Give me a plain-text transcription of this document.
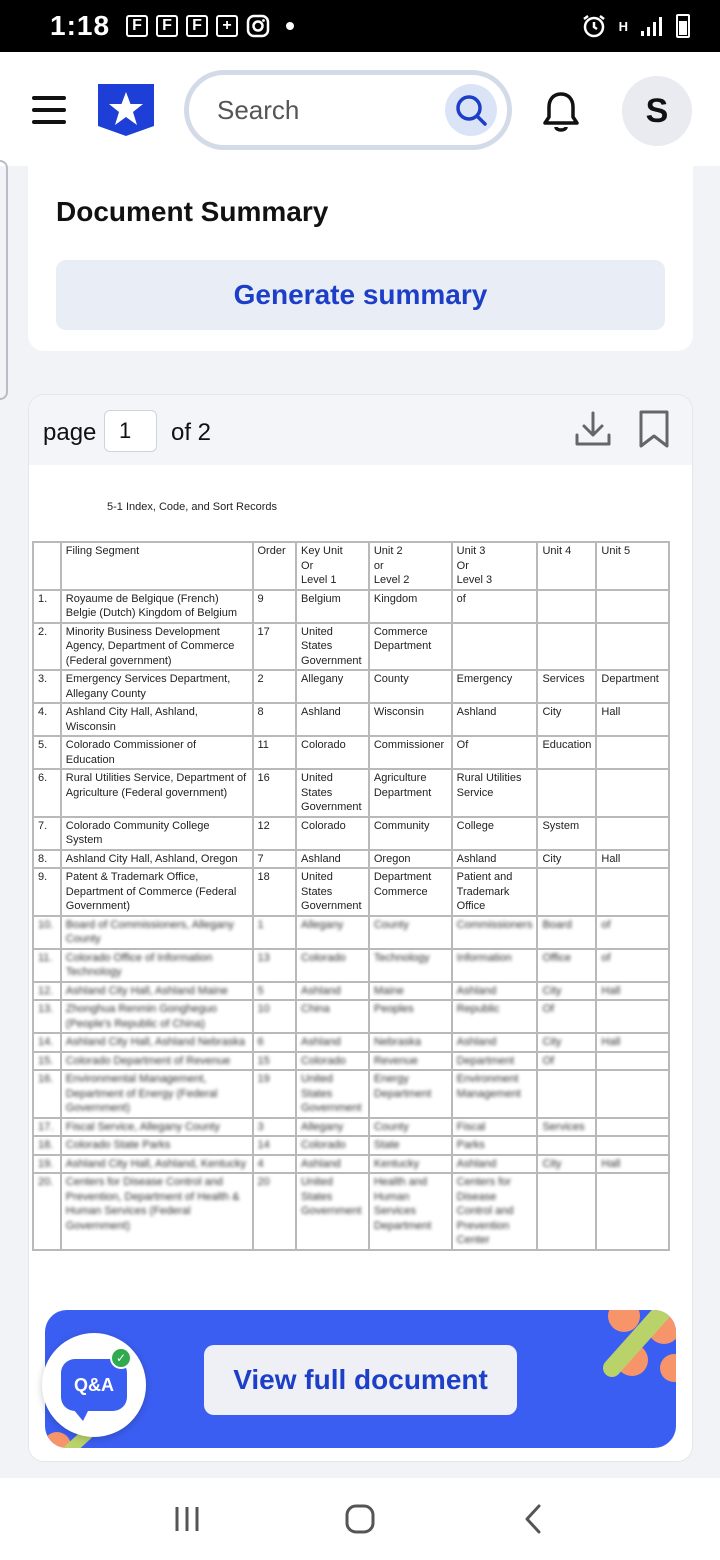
1:18	F	F	F	+	H
Search
S
Document Summary
Generate summary
page
1	of 2
5-1 Index, Code, and Sort Records
	Filing Segment	Order	Key Unit
Or
Level 1	Unit 2
or
Level 2	Unit 3
Or
Level 3	Unit 4	Unit 5
1.	Royaume de Belgique (French) Belgie (Dutch) Kingdom of Belgium	9	Belgium	Kingdom	of		
2.	Minority Business Development Agency, Department of Commerce (Federal government)	17	United States Government	Commerce Department			
3.	Emergency Services Department, Allegany County	2	Allegany	County	Emergency	Services	Department
4.	Ashland City Hall, Ashland, Wisconsin	8	Ashland	Wisconsin	Ashland	City	Hall
5.	Colorado Commissioner of Education	11	Colorado	Commissioner	Of	Education	
6.	Rural Utilities Service, Department of Agriculture (Federal government)	16	United States Government	Agriculture Department	Rural Utilities Service		
7.	Colorado Community College System	12	Colorado	Community	College	System	
8.	Ashland City Hall, Ashland, Oregon	7	Ashland	Oregon	Ashland	City	Hall
9.	Patent & Trademark Office, Department of Commerce (Federal Government)	18	United States Government	Department Commerce	Patient and Trademark Office		
10.	Board of Commissioners, Allegany County	1	Allegany	County	Commissioners	Board	of
11.	Colorado Office of Information Technology	13	Colorado	Technology	Information	Office	of
12.	Ashland City Hall, Ashland Maine	5	Ashland	Maine	Ashland	City	Hall
13.	Zhonghua Renmin Gongheguo (People's Republic of China)	10	China	Peoples	Republic	Of	
14.	Ashland City Hall, Ashland Nebraska	6	Ashland	Nebraska	Ashland	City	Hall
15.	Colorado Department of Revenue	15	Colorado	Revenue	Department	Of	
16.	Environmental Management, Department of Energy (Federal Government)	19	United States Government	Energy Department	Environment Management		
17.	Fiscal Service, Allegany County	3	Allegany	County	Fiscal	Services	
18.	Colorado State Parks	14	Colorado	State	Parks		
19.	Ashland City Hall, Ashland, Kentucky	4	Ashland	Kentucky	Ashland	City	Hall
20.	Centers for Disease Control and Prevention, Department of Health & Human Services (Federal Government)	20	United States Government	Health and Human Services Department	Centers for Disease Control and Prevention Center		
View full document
Q&A
✓
